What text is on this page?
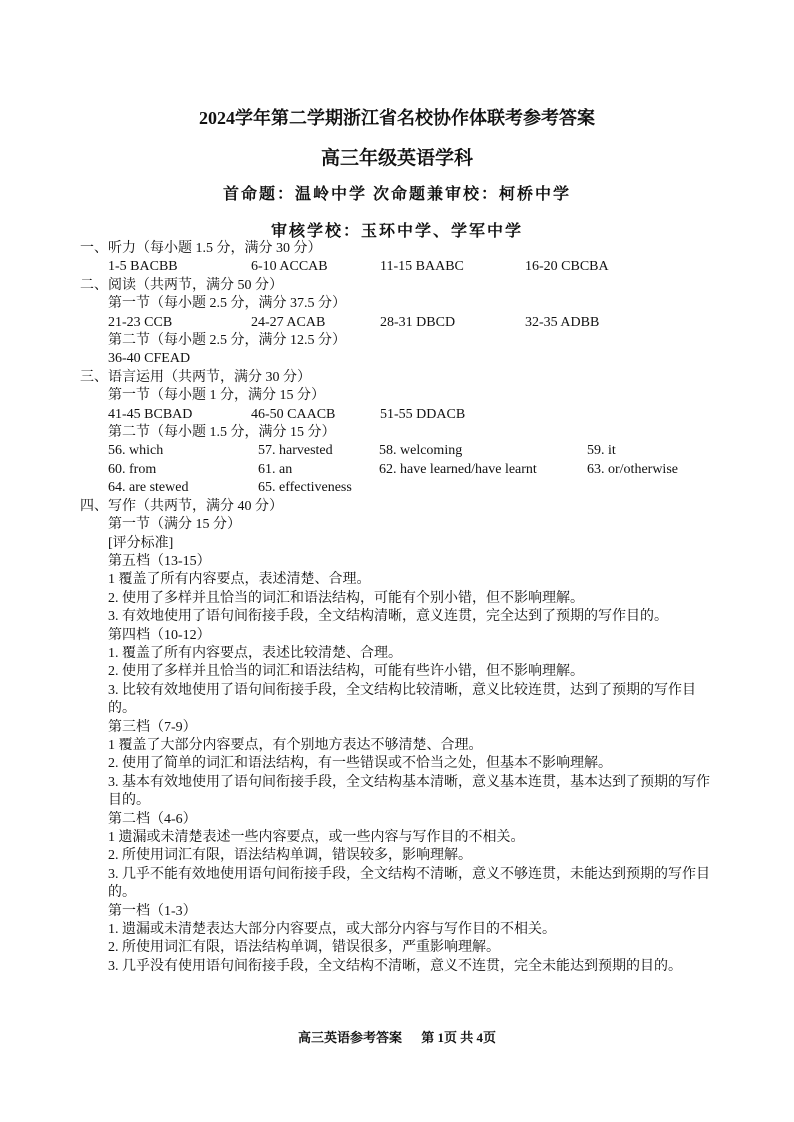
2024学年第二学期浙江省名校协作体联考参考答案
高三年级英语学科
首命题：温岭中学 次命题兼审校：柯桥中学
审核学校：玉环中学、学军中学
一、听力（每小题 1.5 分，满分 30 分）
1-5 BACBB	6-10 ACCAB	11-15 BAABC	16-20 CBCBA
二、阅读（共两节，满分 50 分）
第一节（每小题 2.5 分，满分 37.5 分）
21-23 CCB	24-27 ACAB	28-31 DBCD	32-35 ADBB
第二节（每小题 2.5 分，满分 12.5 分）
36-40 CFEAD
三、语言运用（共两节，满分 30 分）
第一节（每小题 1 分，满分 15 分）
41-45 BCBAD	46-50 CAACB	51-55 DDACB
第二节（每小题 1.5 分，满分 15 分）
56. which	57. harvested	58. welcoming	59. it
60. from	61. an	62. have learned/have learnt	63. or/otherwise
64. are stewed	65. effectiveness
四、写作（共两节，满分 40 分）
第一节（满分 15 分）
[评分标准]
第五档（13-15）
1 覆盖了所有内容要点，表述清楚、合理。
2. 使用了多样并且恰当的词汇和语法结构，可能有个别小错，但不影响理解。
3. 有效地使用了语句间衔接手段，全文结构清晰，意义连贯，完全达到了预期的写作目的。
第四档（10-12）
1. 覆盖了所有内容要点，表述比较清楚、合理。
2. 使用了多样并且恰当的词汇和语法结构，可能有些许小错，但不影响理解。
3. 比较有效地使用了语句间衔接手段，全文结构比较清晰，意义比较连贯，达到了预期的写作目的。
第三档（7-9）
1 覆盖了大部分内容要点，有个别地方表达不够清楚、合理。
2. 使用了简单的词汇和语法结构，有一些错误或不恰当之处，但基本不影响理解。
3. 基本有效地使用了语句间衔接手段，全文结构基本清晰，意义基本连贯，基本达到了预期的写作目的。
第二档（4-6）
1 遗漏或未清楚表述一些内容要点，或一些内容与写作目的不相关。
2. 所使用词汇有限，语法结构单调，错误较多，影响理解。
3. 几乎不能有效地使用语句间衔接手段，全文结构不清晰，意义不够连贯，未能达到预期的写作目的。
第一档（1-3）
1. 遗漏或未清楚表达大部分内容要点，或大部分内容与写作目的不相关。
2. 所使用词汇有限，语法结构单调，错误很多，严重影响理解。
3. 几乎没有使用语句间衔接手段，全文结构不清晰，意义不连贯，完全未能达到预期的目的。
高三英语参考答案 第 1页 共 4页
